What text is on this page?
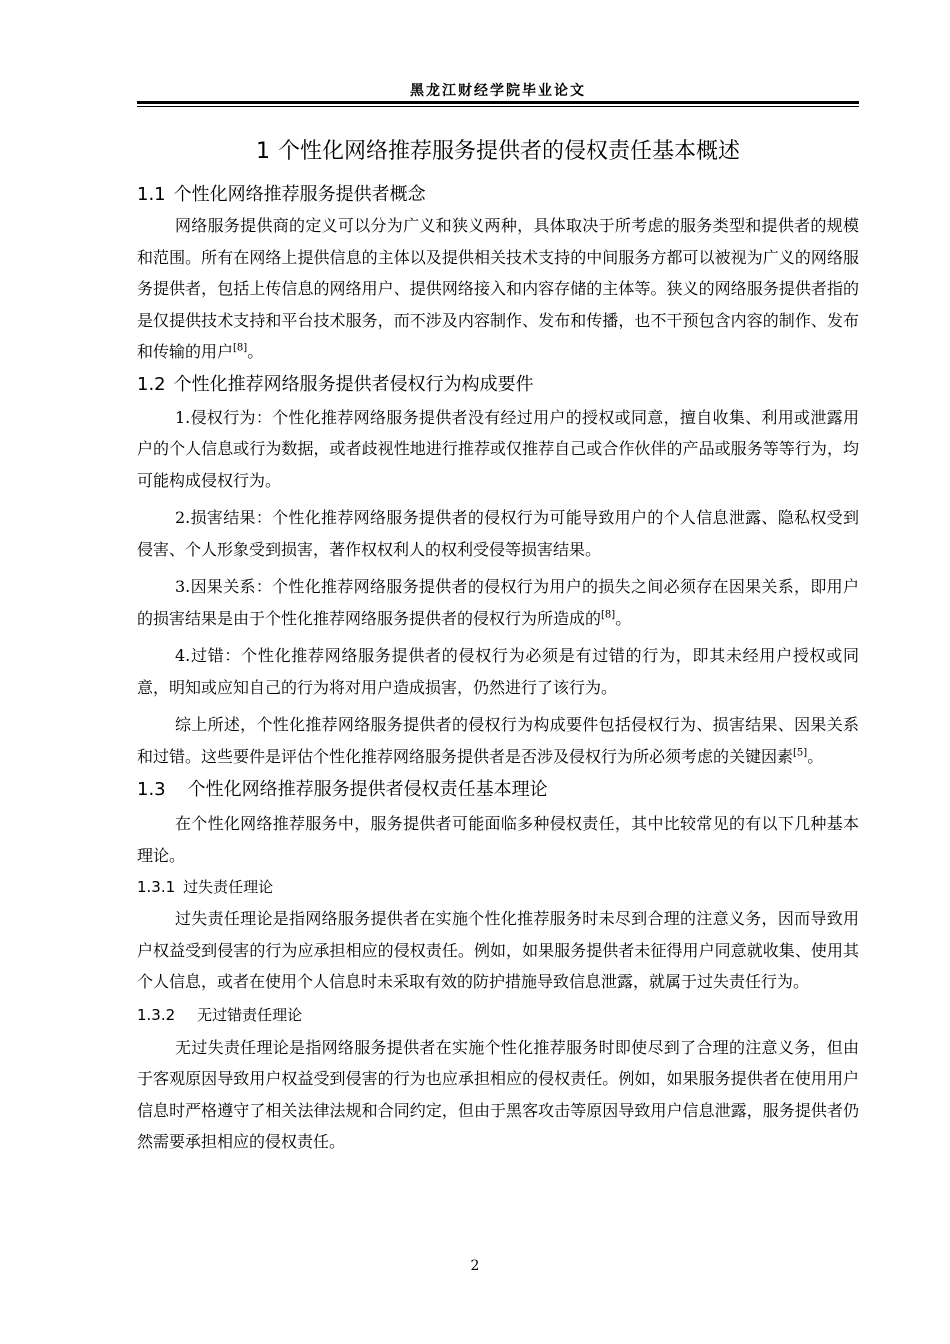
黑龙江财经学院毕业论文
1 个性化网络推荐服务提供者的侵权责任基本概述
1.1 个性化网络推荐服务提供者概念

网络服务提供商的定义可以分为广义和狭义两种，具体取决于所考虑的服务类型和提供者的规模和范围。所有在网络上提供信息的主体以及提供相关技术支持的中间服务方都可以被视为广义的网络服务提供者，包括上传信息的网络用户、提供网络接入和内容存储的主体等。狭义的网络服务提供者指的是仅提供技术支持和平台技术服务，而不涉及内容制作、发布和传播，也不干预包含内容的制作、发布和传输的用户[8]。

1.2 个性化推荐网络服务提供者侵权行为构成要件

1.侵权行为：个性化推荐网络服务提供者没有经过用户的授权或同意，擅自收集、利用或泄露用户的个人信息或行为数据，或者歧视性地进行推荐或仅推荐自己或合作伙伴的产品或服务等等行为，均可能构成侵权行为。

2.损害结果：个性化推荐网络服务提供者的侵权行为可能导致用户的个人信息泄露、隐私权受到侵害、个人形象受到损害，著作权权利人的权利受侵等损害结果。

3.因果关系：个性化推荐网络服务提供者的侵权行为用户的损失之间必须存在因果关系，即用户的损害结果是由于个性化推荐网络服务提供者的侵权行为所造成的[8]。

4.过错：个性化推荐网络服务提供者的侵权行为必须是有过错的行为，即其未经用户授权或同意，明知或应知自己的行为将对用户造成损害，仍然进行了该行为。

综上所述，个性化推荐网络服务提供者的侵权行为构成要件包括侵权行为、损害结果、因果关系和过错。这些要件是评估个性化推荐网络服务提供者是否涉及侵权行为所必须考虑的关键因素[5]。

1.3 个性化网络推荐服务提供者侵权责任基本理论

在个性化网络推荐服务中，服务提供者可能面临多种侵权责任，其中比较常见的有以下几种基本理论。

1.3.1 过失责任理论

过失责任理论是指网络服务提供者在实施个性化推荐服务时未尽到合理的注意义务，因而导致用户权益受到侵害的行为应承担相应的侵权责任。例如，如果服务提供者未征得用户同意就收集、使用其个人信息，或者在使用个人信息时未采取有效的防护措施导致信息泄露，就属于过失责任行为。

1.3.2 无过错责任理论

无过失责任理论是指网络服务提供者在实施个性化推荐服务时即使尽到了合理的注意义务，但由于客观原因导致用户权益受到侵害的行为也应承担相应的侵权责任。例如，如果服务提供者在使用用户信息时严格遵守了相关法律法规和合同约定，但由于黑客攻击等原因导致用户信息泄露，服务提供者仍然需要承担相应的侵权责任。

2
